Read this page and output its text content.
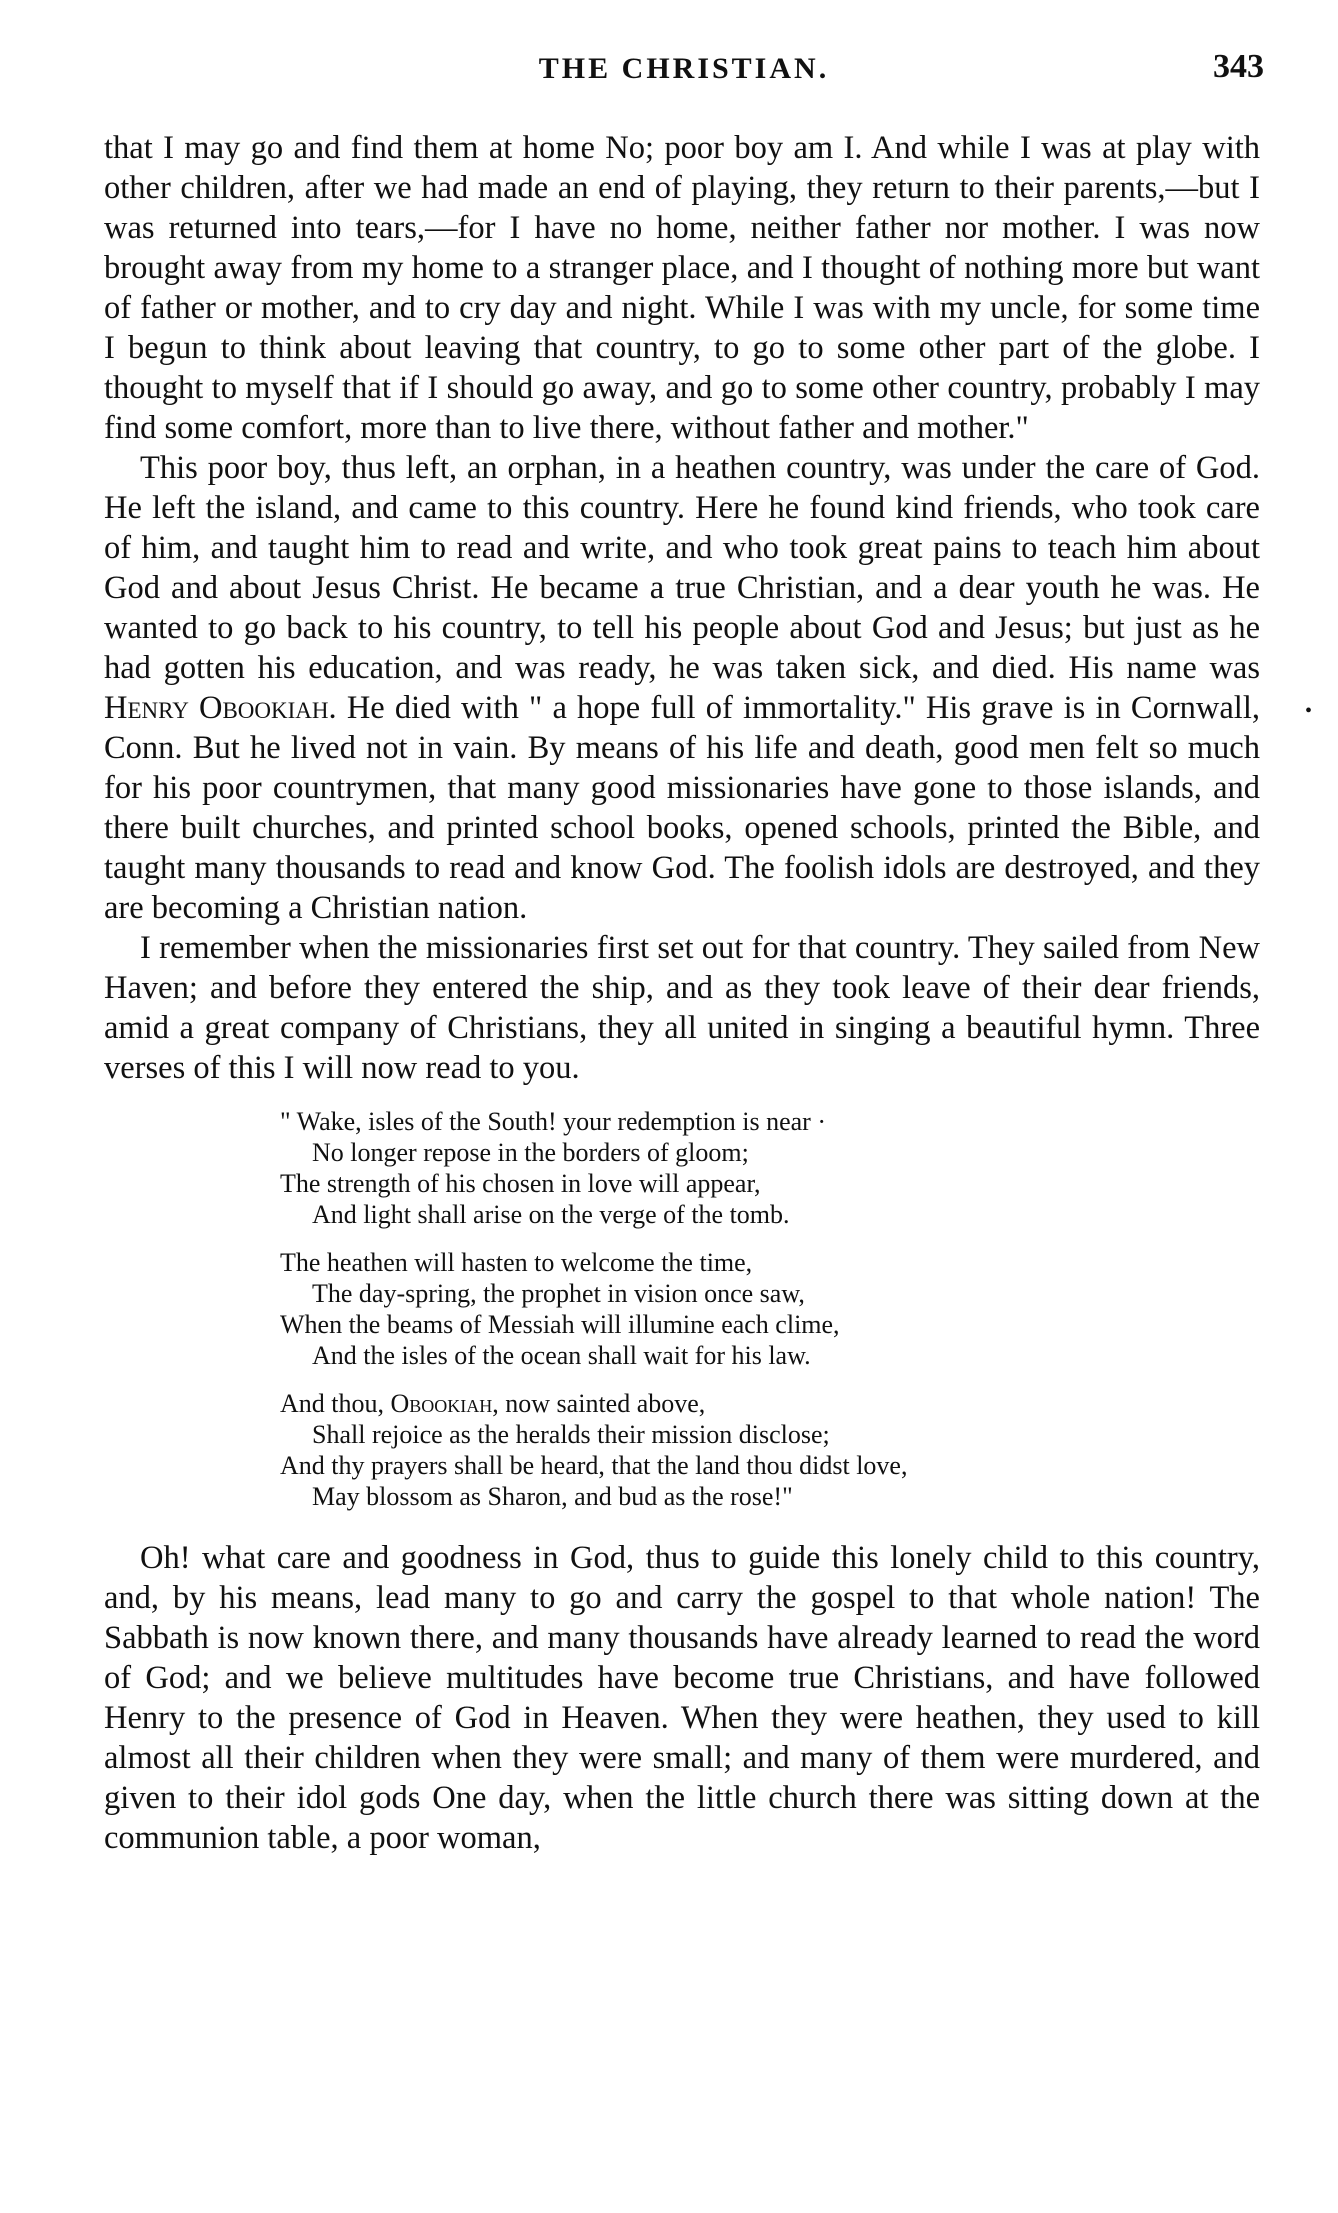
THE CHRISTIAN.	343

that I may go and find them at home No; poor boy am I. And while I was at play with other children, after we had made an end of playing, they return to their parents,—but I was returned into tears,—for I have no home, neither father nor mother. I was now brought away from my home to a stranger place, and I thought of nothing more but want of father or mother, and to cry day and night. While I was with my uncle, for some time I begun to think about leaving that country, to go to some other part of the globe. I thought to myself that if I should go away, and go to some other country, probably I may find some comfort, more than to live there, without father and mother."

This poor boy, thus left, an orphan, in a heathen country, was under the care of God. He left the island, and came to this country. Here he found kind friends, who took care of him, and taught him to read and write, and who took great pains to teach him about God and about Jesus Christ. He became a true Christian, and a dear youth he was. He wanted to go back to his country, to tell his people about God and Jesus; but just as he had gotten his education, and was ready, he was taken sick, and died. His name was Henry Obookiah. He died with " a hope full of immortality." His grave is in Cornwall, Conn. But he lived not in vain. By means of his life and death, good men felt so much for his poor countrymen, that many good missionaries have gone to those islands, and there built churches, and printed school books, opened schools, printed the Bible, and taught many thousands to read and know God. The foolish idols are destroyed, and they are becoming a Christian nation.

I remember when the missionaries first set out for that country. They sailed from New Haven; and before they entered the ship, and as they took leave of their dear friends, amid a great company of Christians, they all united in singing a beautiful hymn. Three verses of this I will now read to you.

" Wake, isles of the South! your redemption is near ·
No longer repose in the borders of gloom;
The strength of his chosen in love will appear,
And light shall arise on the verge of the tomb.
The heathen will hasten to welcome the time,
The day-spring, the prophet in vision once saw,
When the beams of Messiah will illumine each clime,
And the isles of the ocean shall wait for his law.
And thou, Obookiah, now sainted above,
Shall rejoice as the heralds their mission disclose;
And thy prayers shall be heard, that the land thou didst love,
May blossom as Sharon, and bud as the rose!"

Oh! what care and goodness in God, thus to guide this lonely child to this country, and, by his means, lead many to go and carry the gospel to that whole nation! The Sabbath is now known there, and many thousands have already learned to read the word of God; and we believe multitudes have become true Christians, and have followed Henry to the presence of God in Heaven. When they were heathen, they used to kill almost all their children when they were small; and many of them were murdered, and given to their idol gods One day, when the little church there was sitting down at the communion table, a poor woman,

•
